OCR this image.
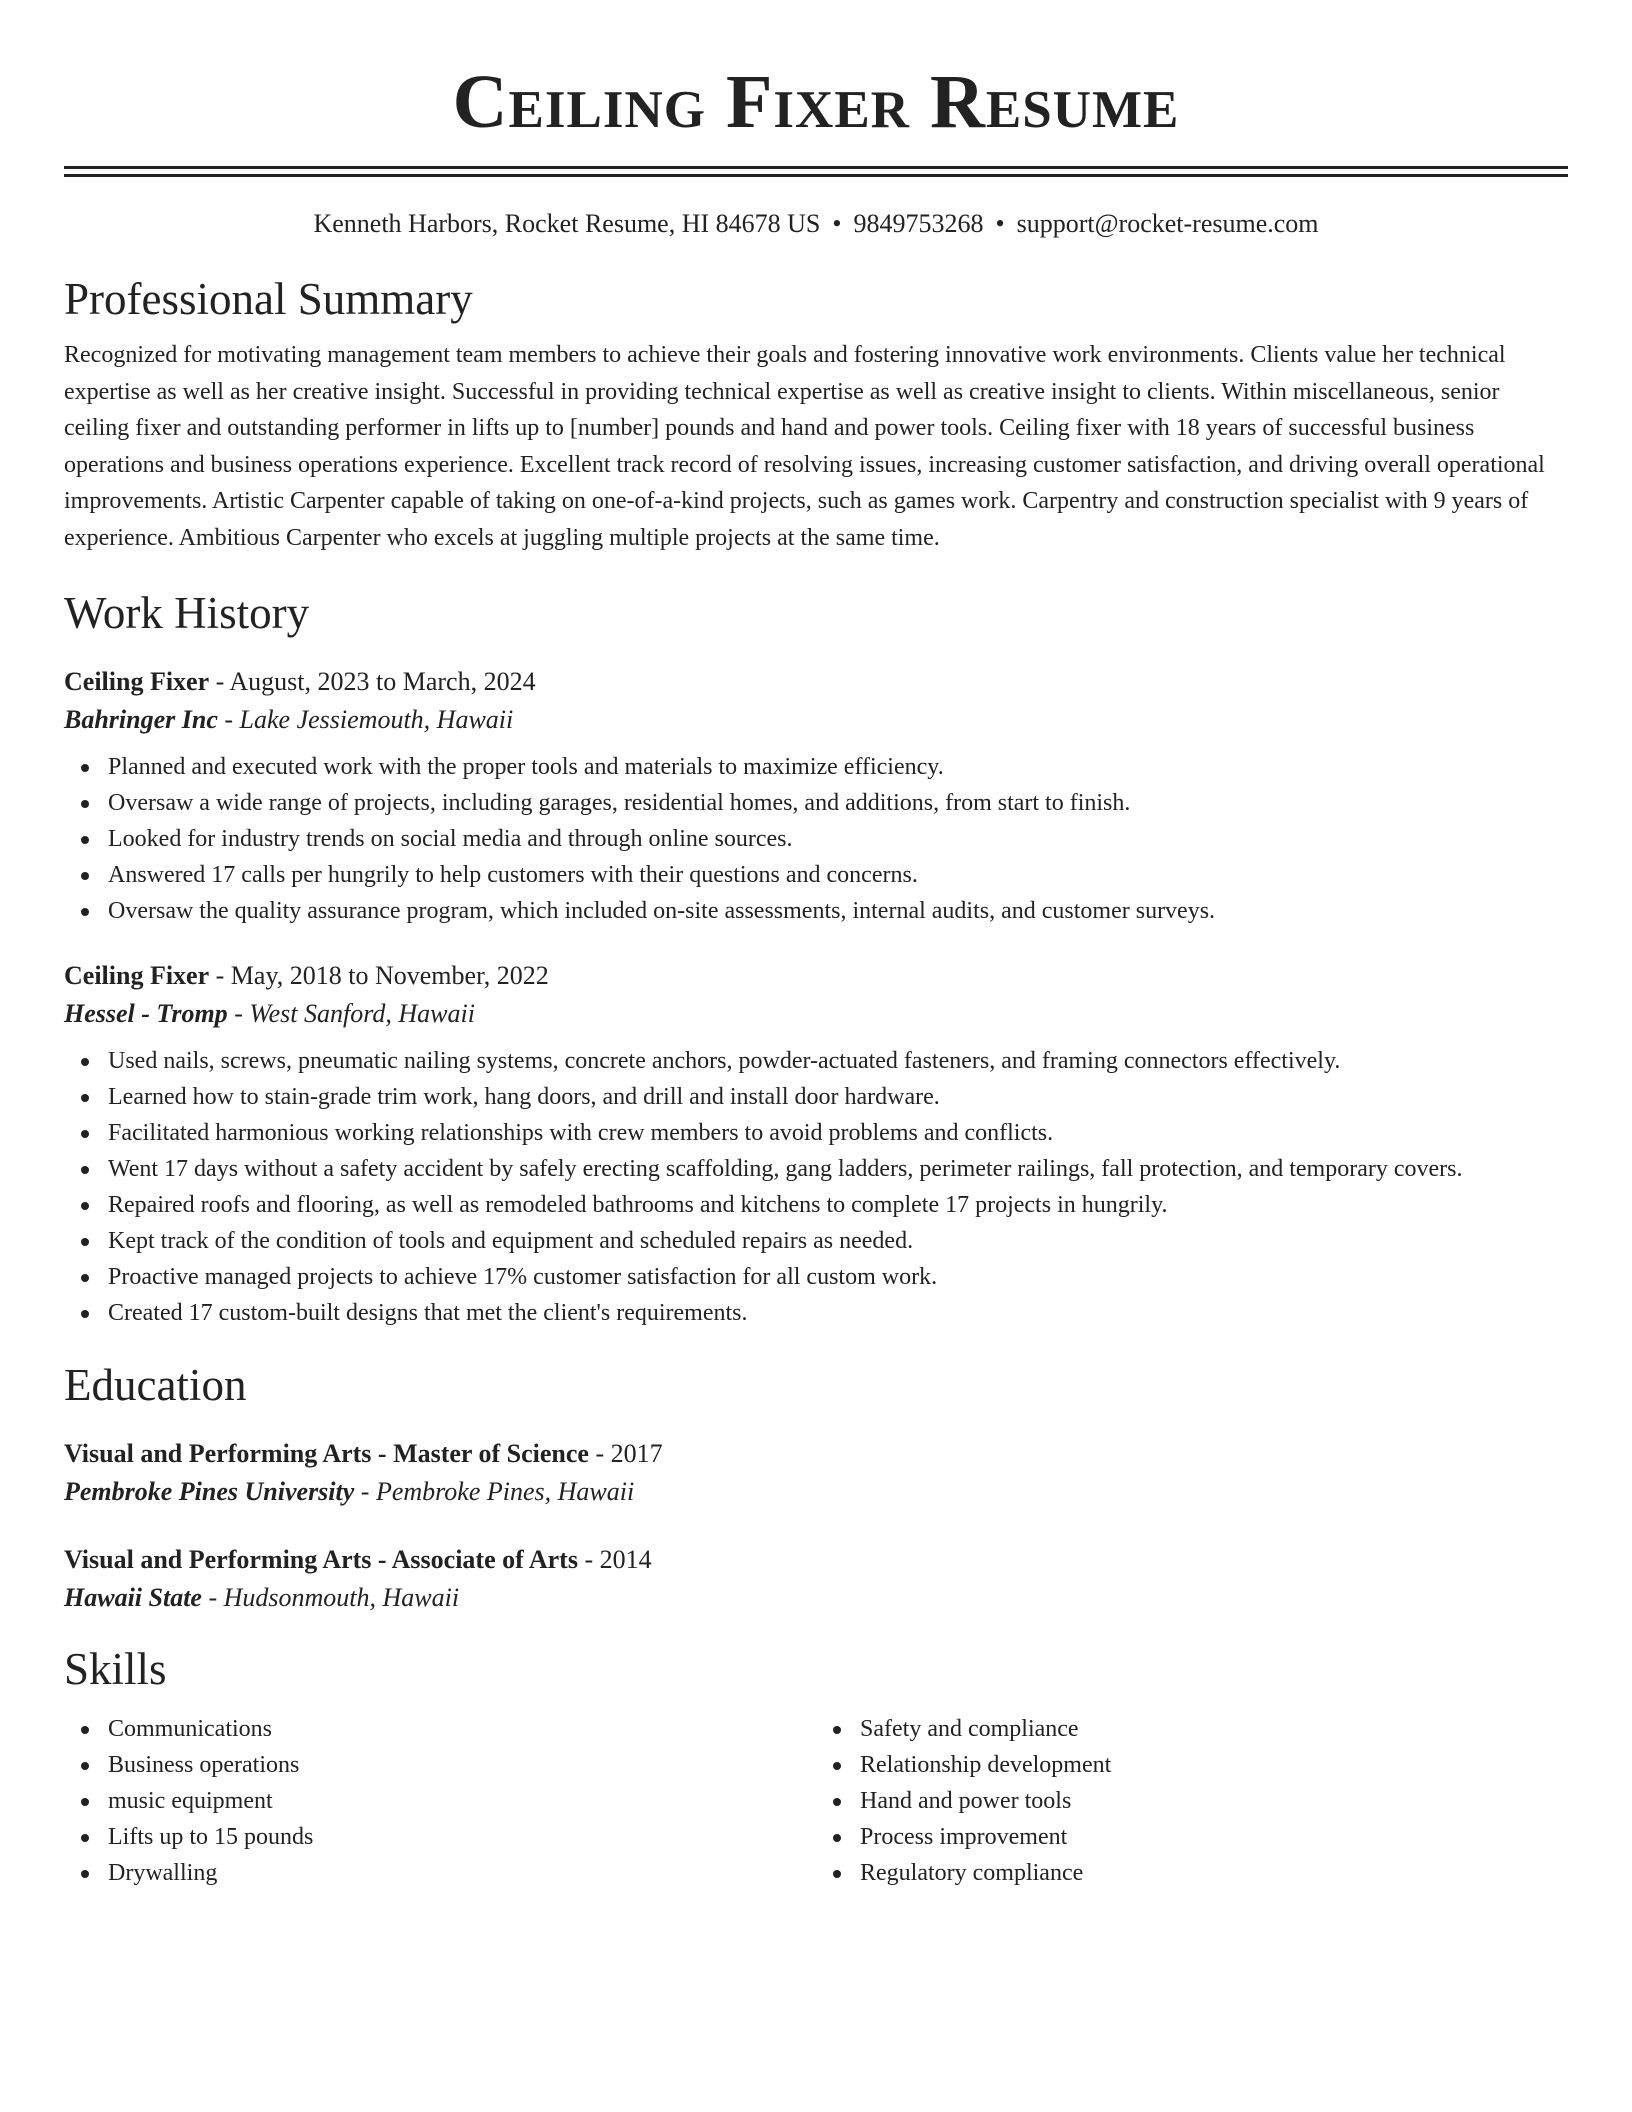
Ceiling Fixer Resume
Kenneth Harbors, Rocket Resume, HI 84678 US • 9849753268 • support@rocket-resume.com
Professional Summary
Recognized for motivating management team members to achieve their goals and fostering innovative work environments. Clients value her technical expertise as well as her creative insight. Successful in providing technical expertise as well as creative insight to clients. Within miscellaneous, senior ceiling fixer and outstanding performer in lifts up to [number] pounds and hand and power tools. Ceiling fixer with 18 years of successful business operations and business operations experience. Excellent track record of resolving issues, increasing customer satisfaction, and driving overall operational improvements. Artistic Carpenter capable of taking on one-of-a-kind projects, such as games work. Carpentry and construction specialist with 9 years of experience. Ambitious Carpenter who excels at juggling multiple projects at the same time.
Work History
Ceiling Fixer - August, 2023 to March, 2024
Bahringer Inc - Lake Jessiemouth, Hawaii
Planned and executed work with the proper tools and materials to maximize efficiency.
Oversaw a wide range of projects, including garages, residential homes, and additions, from start to finish.
Looked for industry trends on social media and through online sources.
Answered 17 calls per hungrily to help customers with their questions and concerns.
Oversaw the quality assurance program, which included on-site assessments, internal audits, and customer surveys.
Ceiling Fixer - May, 2018 to November, 2022
Hessel - Tromp - West Sanford, Hawaii
Used nails, screws, pneumatic nailing systems, concrete anchors, powder-actuated fasteners, and framing connectors effectively.
Learned how to stain-grade trim work, hang doors, and drill and install door hardware.
Facilitated harmonious working relationships with crew members to avoid problems and conflicts.
Went 17 days without a safety accident by safely erecting scaffolding, gang ladders, perimeter railings, fall protection, and temporary covers.
Repaired roofs and flooring, as well as remodeled bathrooms and kitchens to complete 17 projects in hungrily.
Kept track of the condition of tools and equipment and scheduled repairs as needed.
Proactive managed projects to achieve 17% customer satisfaction for all custom work.
Created 17 custom-built designs that met the client's requirements.
Education
Visual and Performing Arts - Master of Science - 2017
Pembroke Pines University - Pembroke Pines, Hawaii
Visual and Performing Arts - Associate of Arts - 2014
Hawaii State - Hudsonmouth, Hawaii
Skills
Communications
Business operations
music equipment
Lifts up to 15 pounds
Drywalling
Safety and compliance
Relationship development
Hand and power tools
Process improvement
Regulatory compliance
